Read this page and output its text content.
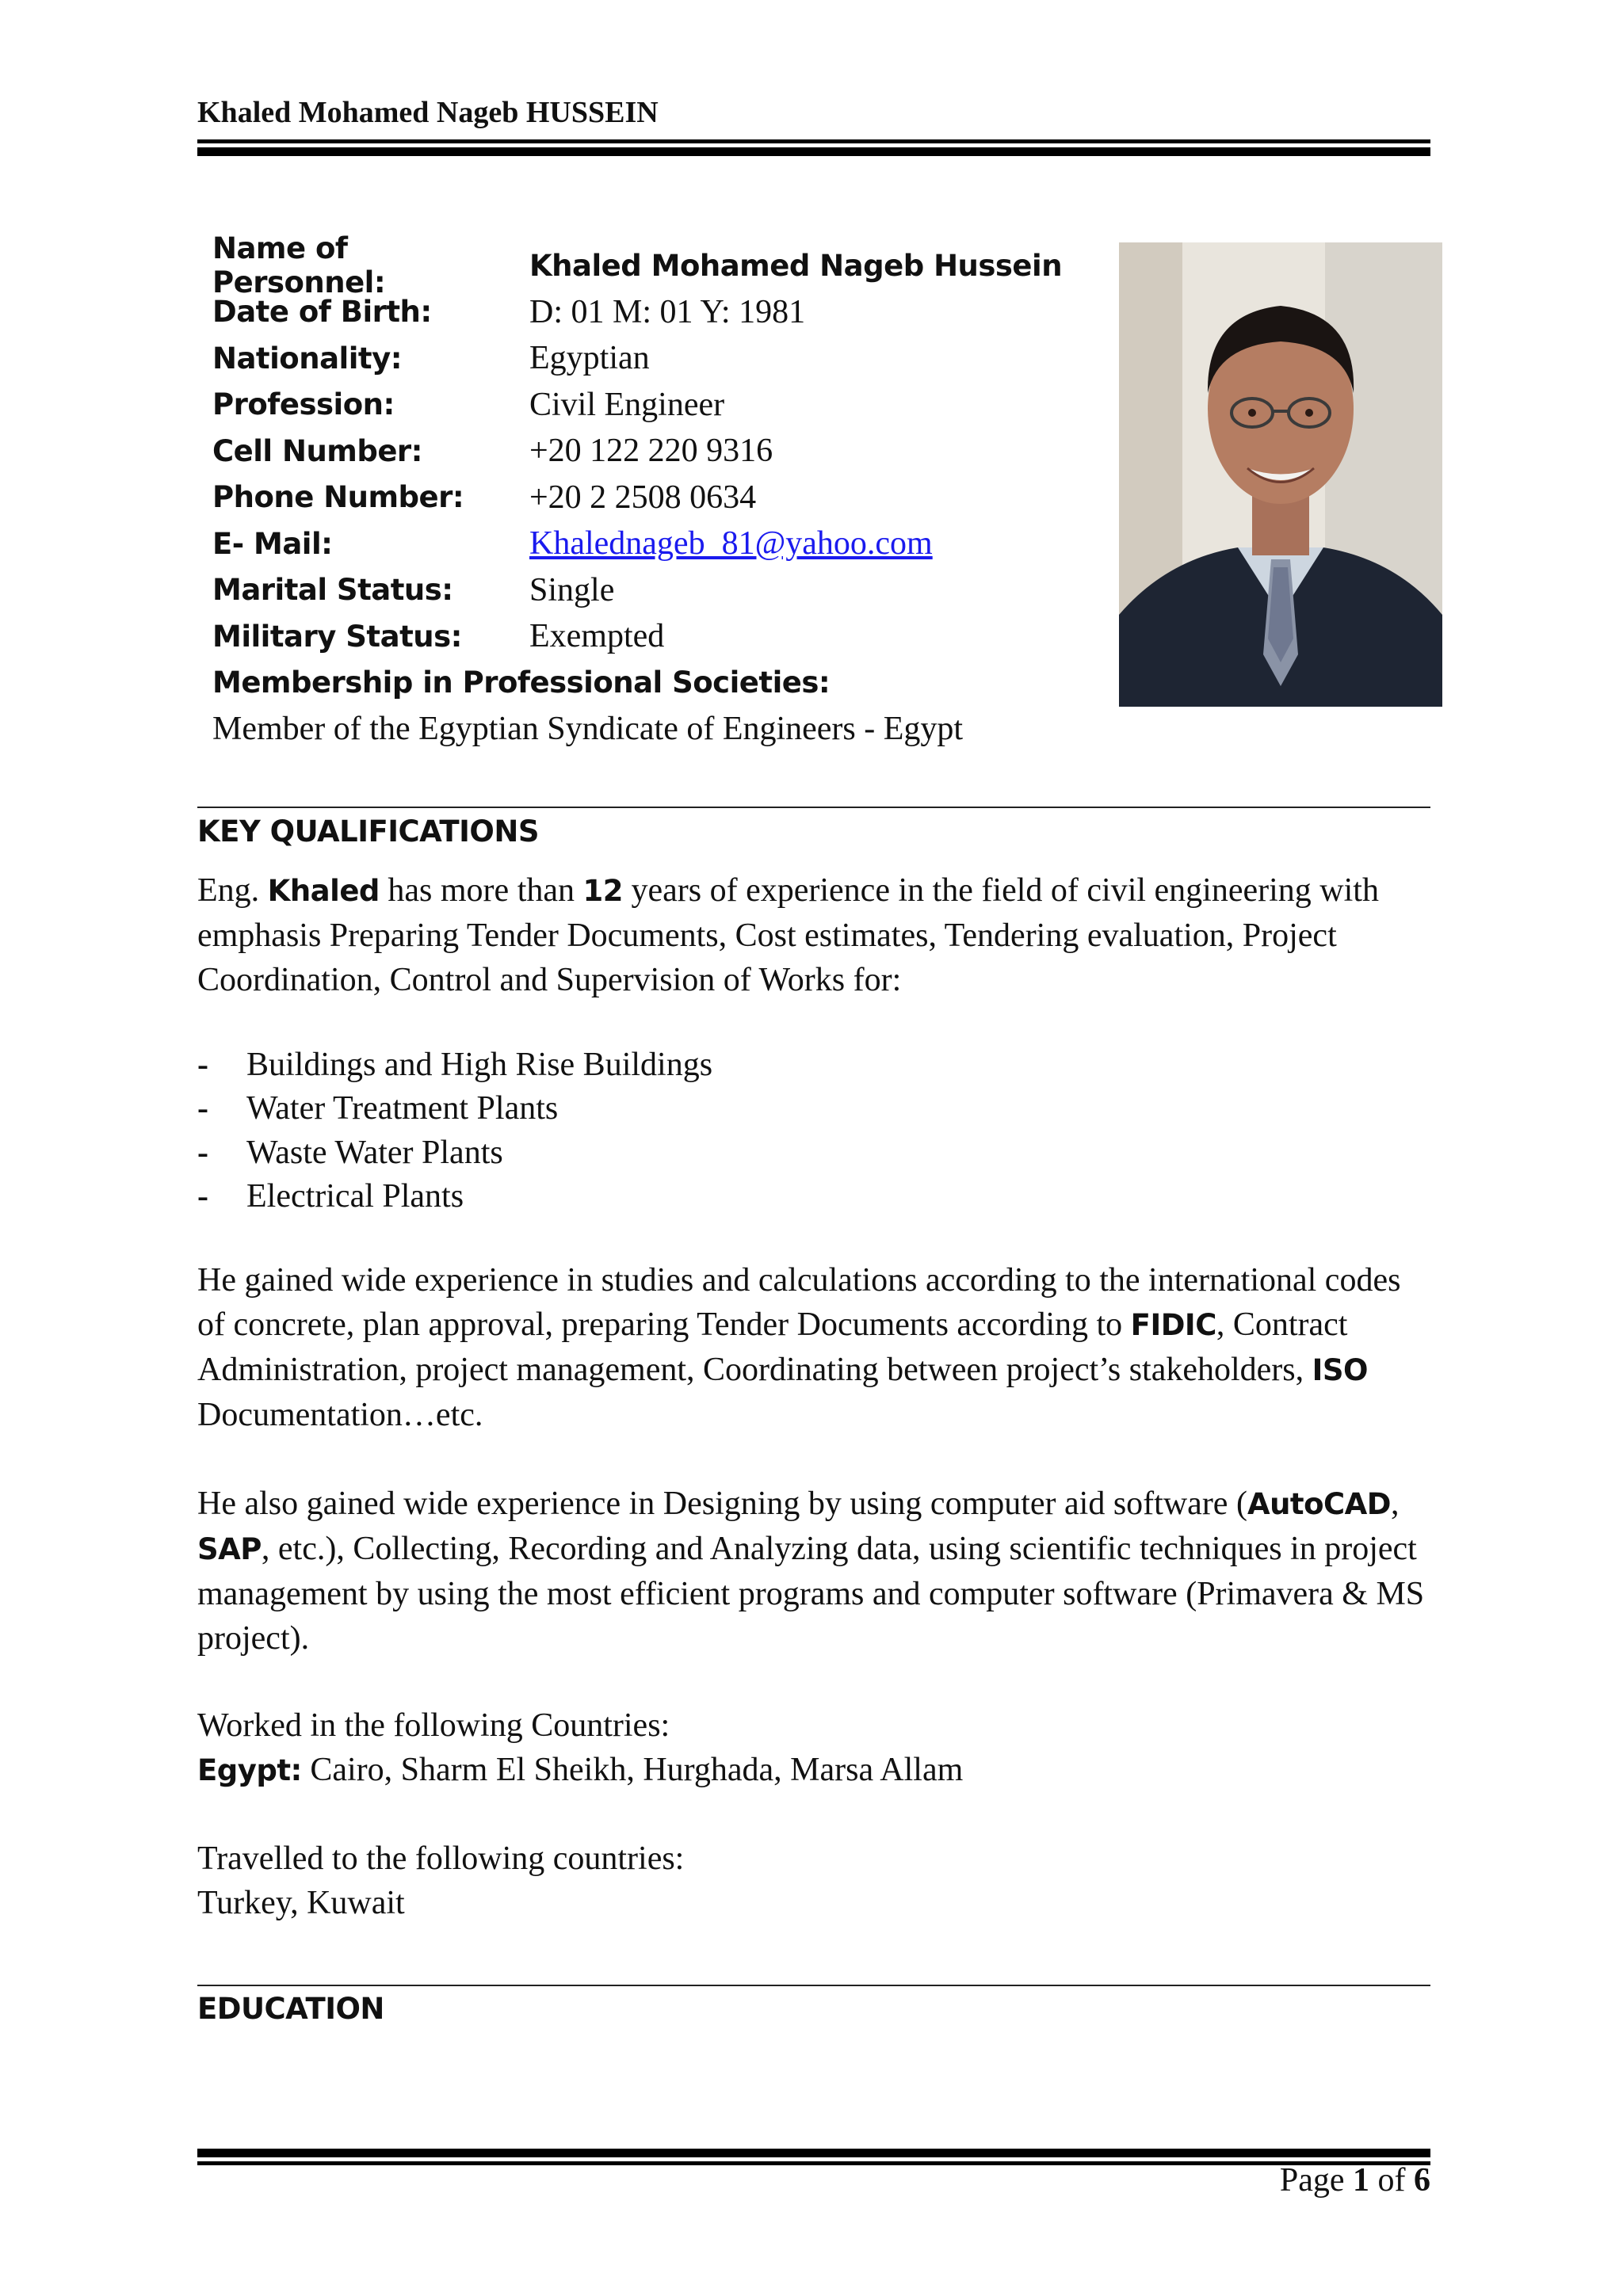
Khaled Mohamed Nageb HUSSEIN
Name of Personnel:	Khaled Mohamed Nageb Hussein
Date of Birth:	D: 01 M: 01 Y: 1981
Nationality:	Egyptian
Profession:	Civil Engineer
Cell Number:	+20 122 220 9316
Phone Number:	+20 2 2508 0634
E- Mail:	Khalednageb_81@yahoo.com
Marital Status:	Single
Military Status:	Exempted
Membership in Professional Societies:
Member of the Egyptian Syndicate of Engineers - Egypt
KEY QUALIFICATIONS
Eng. Khaled has more than 12 years of experience in the field of civil engineering with emphasis Preparing Tender Documents, Cost estimates, Tendering evaluation, Project Coordination, Control and Supervision of Works for:
-	Buildings and High Rise Buildings
-	Water Treatment Plants
-	Waste Water Plants
-	Electrical Plants
He gained wide experience in studies and calculations according to the international codes of concrete, plan approval, preparing Tender Documents according to FIDIC, Contract Administration, project management, Coordinating between project’s stakeholders, ISO Documentation…etc.
He also gained wide experience in Designing by using computer aid software (AutoCAD, SAP, etc.), Collecting, Recording and Analyzing data, using scientific techniques in project management by using the most efficient programs and computer software (Primavera & MS project).
Worked in the following Countries:
Egypt: Cairo, Sharm El Sheikh, Hurghada, Marsa Allam
Travelled to the following countries:
Turkey, Kuwait
EDUCATION
Page 1 of 6
